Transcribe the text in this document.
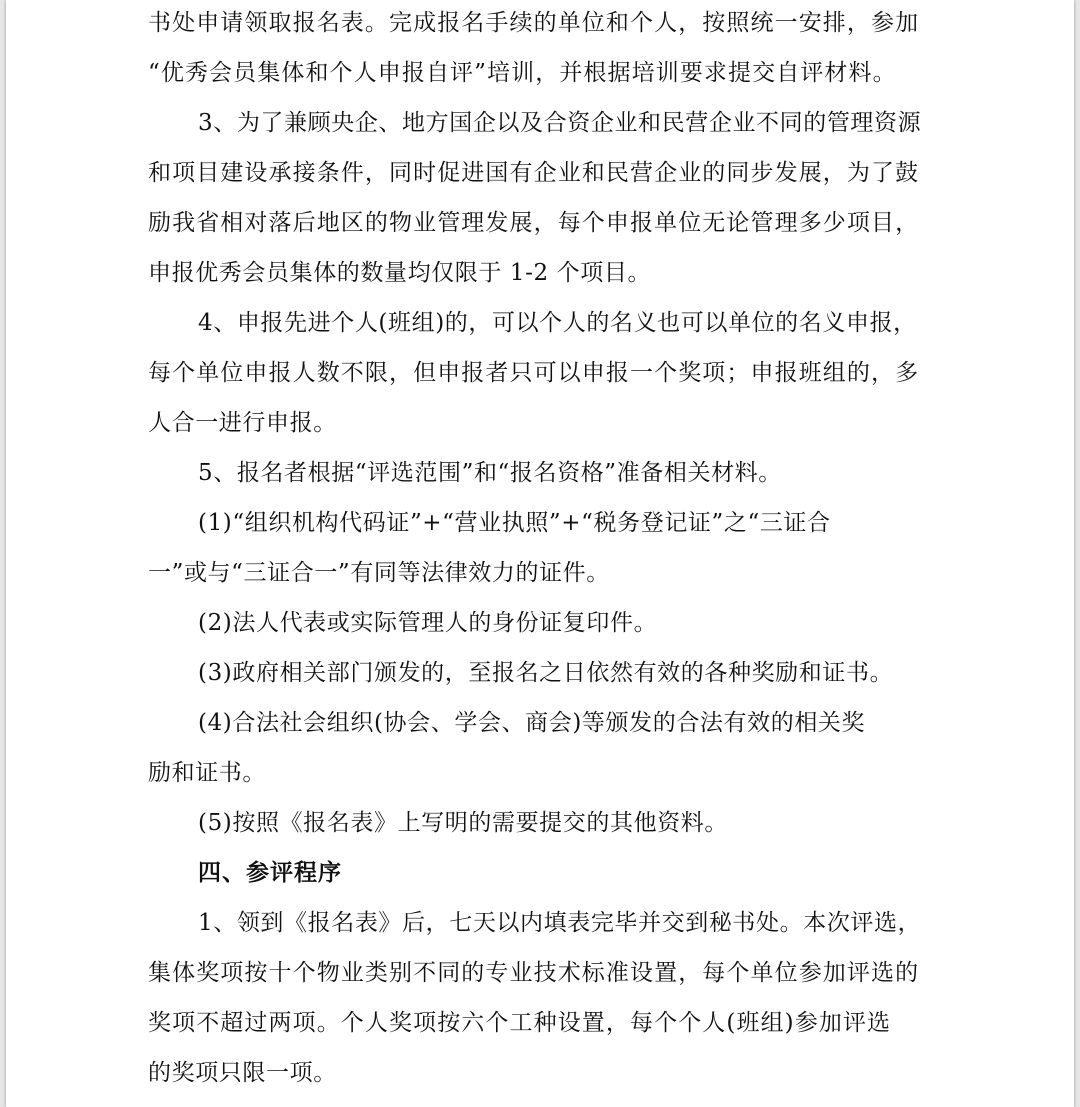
书处申请领取报名表。完成报名手续的单位和个人，按照统一安排，参加
“优秀会员集体和个人申报自评”培训，并根据培训要求提交自评材料。
3、为了兼顾央企、地方国企以及合资企业和民营企业不同的管理资源
和项目建设承接条件，同时促进国有企业和民营企业的同步发展，为了鼓
励我省相对落后地区的物业管理发展，每个申报单位无论管理多少项目，
申报优秀会员集体的数量均仅限于 1-2 个项目。
4、申报先进个人(班组)的，可以个人的名义也可以单位的名义申报，
每个单位申报人数不限，但申报者只可以申报一个奖项；申报班组的，多
人合一进行申报。
5、报名者根据“评选范围”和“报名资格”准备相关材料。
(1)“组织机构代码证”+“营业执照”+“税务登记证”之“三证合
一”或与“三证合一”有同等法律效力的证件。
(2)法人代表或实际管理人的身份证复印件。
(3)政府相关部门颁发的，至报名之日依然有效的各种奖励和证书。
(4)合法社会组织(协会、学会、商会)等颁发的合法有效的相关奖
励和证书。
(5)按照《报名表》上写明的需要提交的其他资料。
四、参评程序
1、领到《报名表》后，七天以内填表完毕并交到秘书处。本次评选，
集体奖项按十个物业类别不同的专业技术标准设置，每个单位参加评选的
奖项不超过两项。个人奖项按六个工种设置，每个个人(班组)参加评选
的奖项只限一项。
